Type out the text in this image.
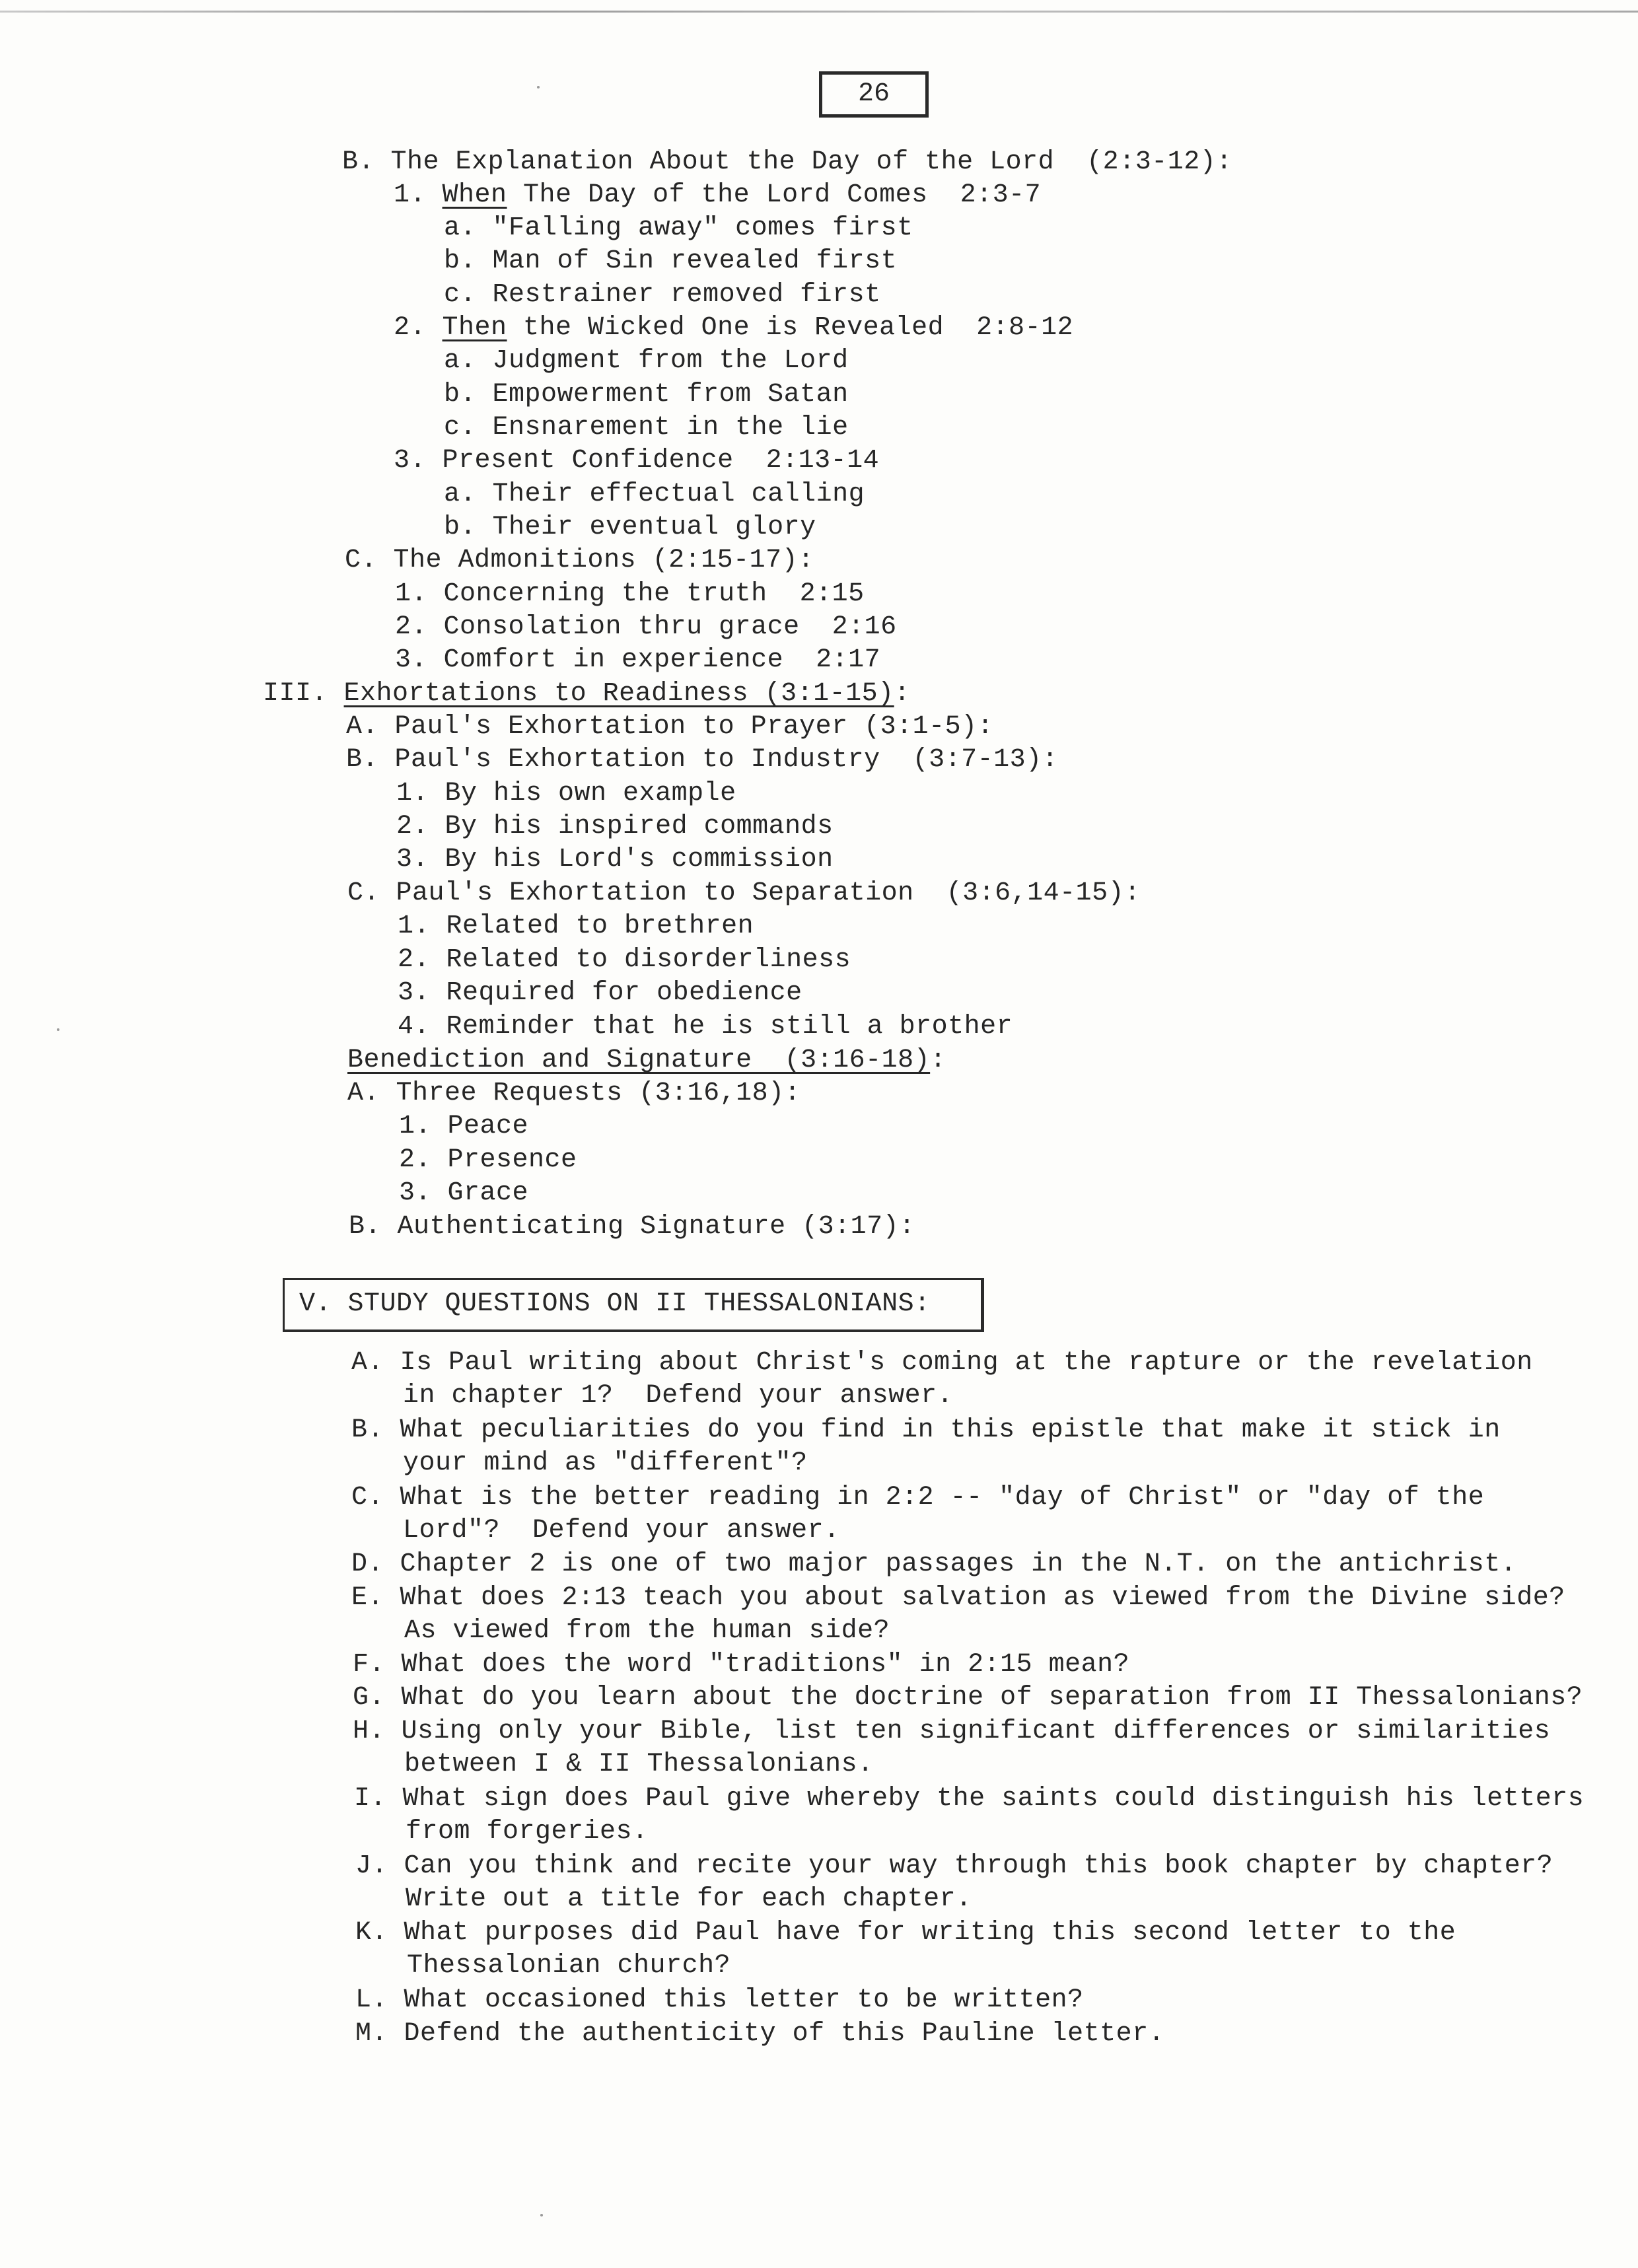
26
B. The Explanation About the Day of the Lord  (2:3-12):
1. When The Day of the Lord Comes  2:3-7
a. "Falling away" comes first
b. Man of Sin revealed first
c. Restrainer removed first
2. Then the Wicked One is Revealed  2:8-12
a. Judgment from the Lord
b. Empowerment from Satan
c. Ensnarement in the lie
3. Present Confidence  2:13-14
a. Their effectual calling
b. Their eventual glory
C. The Admonitions (2:15-17):
1. Concerning the truth  2:15
2. Consolation thru grace  2:16
3. Comfort in experience  2:17
III. Exhortations to Readiness (3:1-15):
A. Paul's Exhortation to Prayer (3:1-5):
B. Paul's Exhortation to Industry  (3:7-13):
1. By his own example
2. By his inspired commands
3. By his Lord's commission
C. Paul's Exhortation to Separation  (3:6,14-15):
1. Related to brethren
2. Related to disorderliness
3. Required for obedience
4. Reminder that he is still a brother
Benediction and Signature  (3:16-18):
A. Three Requests (3:16,18):
1. Peace
2. Presence
3. Grace
B. Authenticating Signature (3:17):
V. STUDY QUESTIONS ON II THESSALONIANS:
A. Is Paul writing about Christ's coming at the rapture or the revelation
in chapter 1?  Defend your answer.
B. What peculiarities do you find in this epistle that make it stick in
your mind as "different"?
C. What is the better reading in 2:2 -- "day of Christ" or "day of the
Lord"?  Defend your answer.
D. Chapter 2 is one of two major passages in the N.T. on the antichrist.
E. What does 2:13 teach you about salvation as viewed from the Divine side?
As viewed from the human side?
F. What does the word "traditions" in 2:15 mean?
G. What do you learn about the doctrine of separation from II Thessalonians?
H. Using only your Bible, list ten significant differences or similarities
between I & II Thessalonians.
I. What sign does Paul give whereby the saints could distinguish his letters
from forgeries.
J. Can you think and recite your way through this book chapter by chapter?
Write out a title for each chapter.
K. What purposes did Paul have for writing this second letter to the
Thessalonian church?
L. What occasioned this letter to be written?
M. Defend the authenticity of this Pauline letter.
